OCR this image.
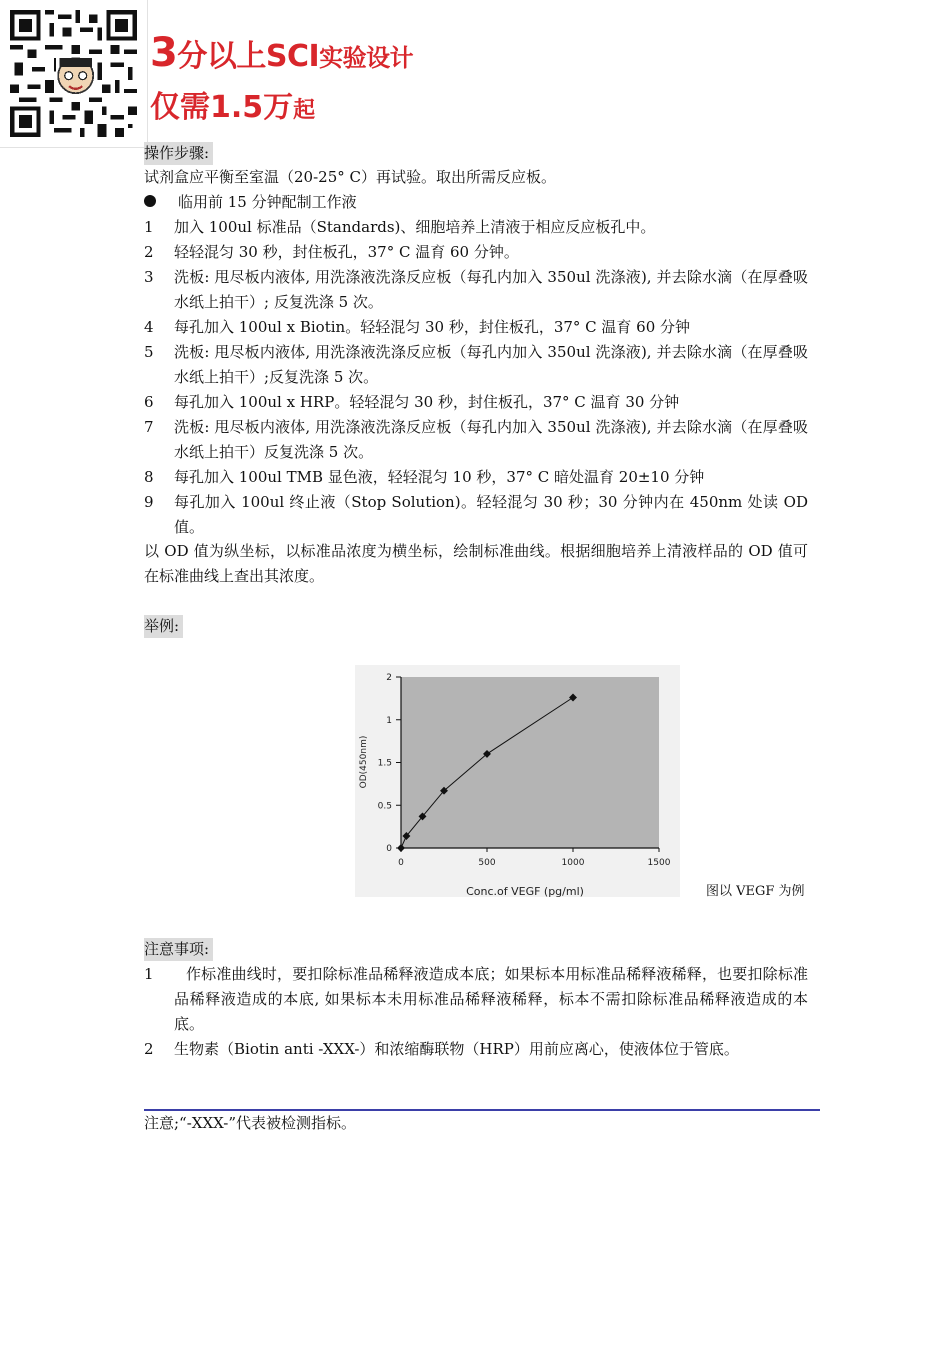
3分以上SCI实验设计
仅需1.5万起
操作步骤:
试剂盒应平衡至室温（20-25° C）再试验。取出所需反应板。
临用前 15 分钟配制工作液
1 加入 100ul 标准品（Standards)、细胞培养上清液于相应反应板孔中。
2 轻轻混匀 30 秒，封住板孔，37° C 温育 60 分钟。
3 洗板: 甩尽板内液体, 用洗涤液洗涤反应板（每孔内加入 350ul 洗涤液), 并去除水滴（在厚叠吸水纸上拍干）; 反复洗涤 5 次。
4 每孔加入 100ul x Biotin。轻轻混匀 30 秒，封住板孔，37° C 温育 60 分钟
5 洗板: 甩尽板内液体, 用洗涤液洗涤反应板（每孔内加入 350ul 洗涤液), 并去除水滴（在厚叠吸水纸上拍干）;反复洗涤 5 次。
6 每孔加入 100ul x HRP。轻轻混匀 30 秒，封住板孔，37° C 温育 30 分钟
7 洗板: 甩尽板内液体, 用洗涤液洗涤反应板（每孔内加入 350ul 洗涤液), 并去除水滴（在厚叠吸水纸上拍干）反复洗涤 5 次。
8 每孔加入 100ul TMB 显色液，轻轻混匀 10 秒，37° C 暗处温育 20±10 分钟
9 每孔加入 100ul 终止液（Stop Solution)。轻轻混匀 30 秒；30 分钟内在 450nm 处读 OD 值。
以 OD 值为纵坐标，以标准品浓度为横坐标，绘制标准曲线。根据细胞培养上清液样品的 OD 值可在标准曲线上查出其浓度。
举例:
0	500	1000	1500
0
0.5
1.5
1
2
Conc.of VEGF (pg/ml)
OD(450nm)
图以 VEGF 为例
注意事项:
1	作标准曲线时，要扣除标准品稀释液造成本底；如果标本用标准品稀释液稀释，也要扣除标准品稀释液造成的本底, 如果标本未用标准品稀释液稀释，标本不需扣除标准品稀释液造成的本底。
2 生物素（Biotin anti -XXX-）和浓缩酶联物（HRP）用前应离心，使液体位于管底。
注意;“-XXX-”代表被检测指标。
